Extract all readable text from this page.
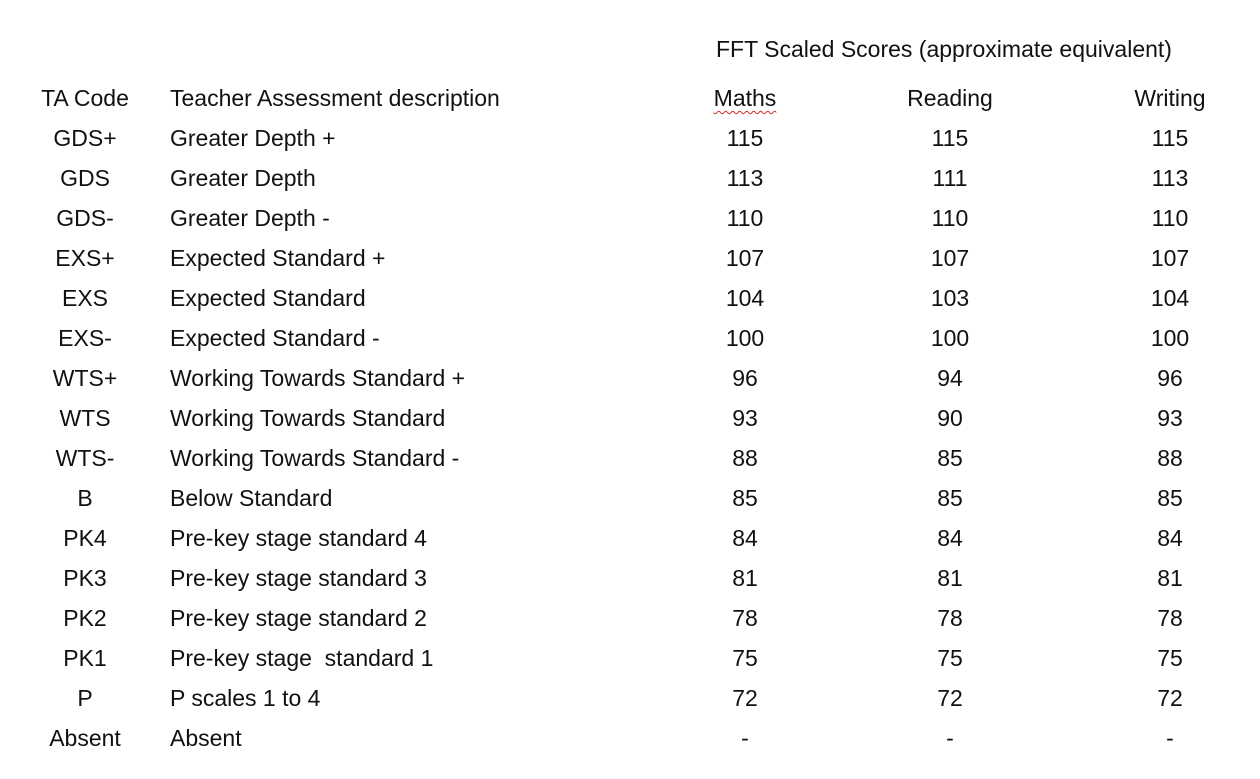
FFT Scaled Scores (approximate equivalent)
TA Code	Teacher Assessment description	Maths	Reading	Writing
GDS+	Greater Depth +	115	115	115
GDS	Greater Depth	113	111	113
GDS-	Greater Depth -	110	110	110
EXS+	Expected Standard +	107	107	107
EXS	Expected Standard	104	103	104
EXS-	Expected Standard -	100	100	100
WTS+	Working Towards Standard +	96	94	96
WTS	Working Towards Standard	93	90	93
WTS-	Working Towards Standard -	88	85	88
B	Below Standard	85	85	85
PK4	Pre-key stage standard 4	84	84	84
PK3	Pre-key stage standard 3	81	81	81
PK2	Pre-key stage standard 2	78	78	78
PK1	Pre-key stage  standard 1	75	75	75
P	P scales 1 to 4	72	72	72
Absent	Absent	-	-	-
